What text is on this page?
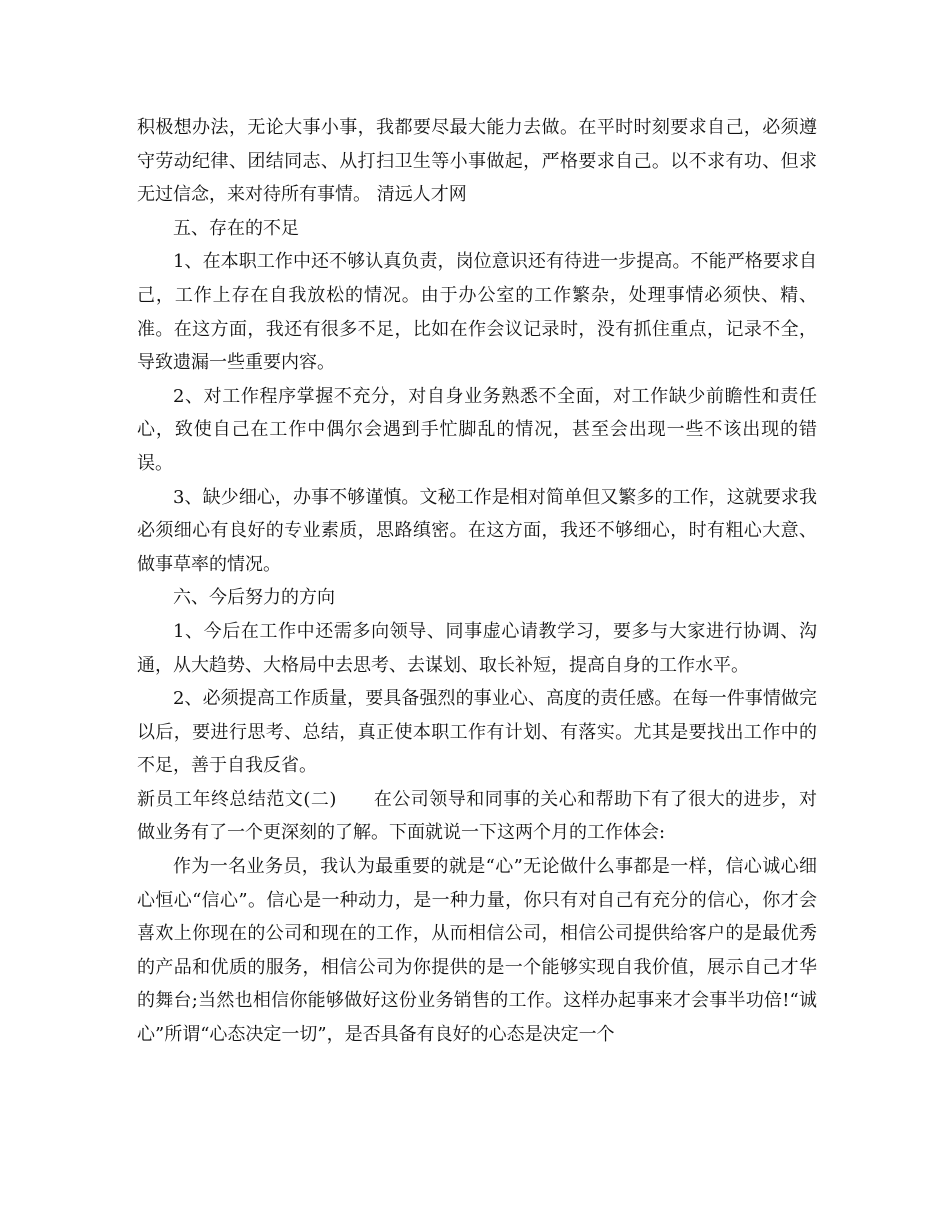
积极想办法，无论大事小事，我都要尽最大能力去做。在平时时刻要求自己，必须遵守劳动纪律、团结同志、从打扫卫生等小事做起，严格要求自己。以不求有功、但求无过信念，来对待所有事情。 清远人才网

五、存在的不足

1、在本职工作中还不够认真负责，岗位意识还有待进一步提高。不能严格要求自己，工作上存在自我放松的情况。由于办公室的工作繁杂，处理事情必须快、精、准。在这方面，我还有很多不足，比如在作会议记录时，没有抓住重点，记录不全，导致遗漏一些重要内容。

2、对工作程序掌握不充分，对自身业务熟悉不全面，对工作缺少前瞻性和责任心，致使自己在工作中偶尔会遇到手忙脚乱的情况，甚至会出现一些不该出现的错误。

3、缺少细心，办事不够谨慎。文秘工作是相对简单但又繁多的工作，这就要求我必须细心有良好的专业素质，思路缜密。在这方面，我还不够细心，时有粗心大意、做事草率的情况。

六、今后努力的方向

1、今后在工作中还需多向领导、同事虚心请教学习，要多与大家进行协调、沟通，从大趋势、大格局中去思考、去谋划、取长补短，提高自身的工作水平。

2、必须提高工作质量，要具备强烈的事业心、高度的责任感。在每一件事情做完以后，要进行思考、总结，真正使本职工作有计划、有落实。尤其是要找出工作中的不足，善于自我反省。

新员工年终总结范文(二)　　在公司领导和同事的关心和帮助下有了很大的进步，对做业务有了一个更深刻的了解。下面就说一下这两个月的工作体会:

作为一名业务员，我认为最重要的就是“心”无论做什么事都是一样，信心诚心细心恒心“信心”。信心是一种动力，是一种力量，你只有对自己有充分的信心，你才会喜欢上你现在的公司和现在的工作，从而相信公司，相信公司提供给客户的是最优秀的产品和优质的服务，相信公司为你提供的是一个能够实现自我价值，展示自己才华的舞台;当然也相信你能够做好这份业务销售的工作。这样办起事来才会事半功倍!“诚心”所谓“心态决定一切”，是否具备有良好的心态是决定一个
